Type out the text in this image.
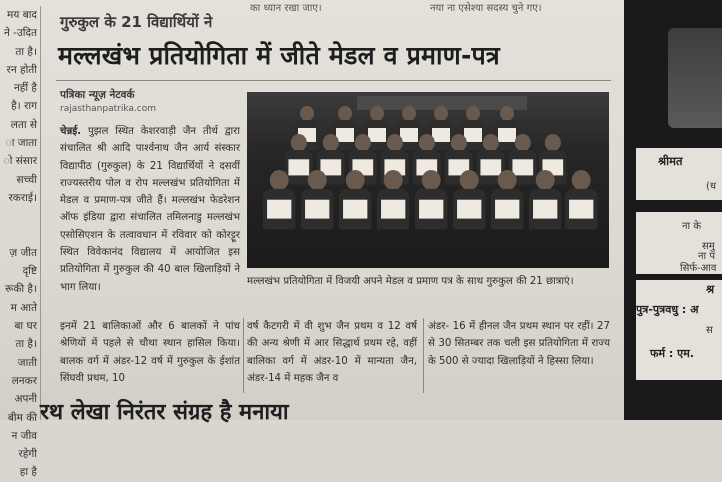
का ध्यान रखा जाए।	नया ना एसेश्या सदस्य चुने गए।
मय बाद
ने -उदित
ता है।
रन होती
नहीं है
है। राग
लता से
ा जाता
ो संसार
सच्ची
रकराई।

ज़ जीत
दृष्टि
रूकी है।
म आते
बा घर
ता है।
जाती
लनकर
अपनी
बीम की
न जीव
रहेगी
हा है
गुरुकुल के 21 विद्यार्थियों ने
मल्लखंभ प्रतियोगिता में जीते मेडल व प्रमाण-पत्र
पत्रिका न्यूज़ नेटवर्क
rajasthanpatrika.com
चेन्नई. पुझल स्थित केशरवाड़ी जैन तीर्थ द्वारा संचालित श्री आदि पार्श्वनाथ जैन आर्य संस्कार विद्यापीठ (गुरुकुल) के 21 विद्यार्थियों ने दसवीं राज्यस्तरीय पोल व रोप मल्लखंभ प्रतियोगिता में मेडल व प्रमाण-पत्र जीते हैं। मल्लखंभ फेडरेशन ऑफ इंडिया द्वारा संचालित तमिलनाडु मल्लखंभ एसोसिएशन के तत्वावधान में रविवार को कोरट्टूर स्थित विवेकानंद विद्यालय में आयोजित इस प्रतियोगिता में गुरुकुल की 40 बाल खिलाड़ियों ने भाग लिया।
इनमें 21 बालिकाओं और 6 बालकों ने पांच श्रेणियों में पहले से चौथा स्थान हासिल किया। बालक वर्ग में अंडर-12 वर्ष में गुरुकुल के ईशांत सिंघवी प्रथम, 10
वर्ष कैटगरी में वी शुभ जैन प्रथम व 12 वर्ष की अन्य श्रेणी में आर सिद्धार्थ प्रथम रहे, वहीं बालिका वर्ग में अंडर-10 में मान्यता जैन, अंडर-14 में महक जैन व
अंडर- 16 में हीनल जैन प्रथम स्थान पर रहीं। 27 से 30 सितम्बर तक चली इस प्रतियोगिता में राज्य के 500 से ज्यादा खिलाड़ियों ने हिस्सा लिया।
मल्लखंभ प्रतियोगिता में विजयी अपने मेडल व प्रमाण पत्र के साथ गुरुकुल की 21 छात्राएं।
रथ लेखा निरंतर संग्रह है मनाया
श्रीमत
(ध
ना के
समु
ना प
सिर्फ-आव
श्र
पुत्र-पुत्रवधु : अ
स
फर्म : एम.
